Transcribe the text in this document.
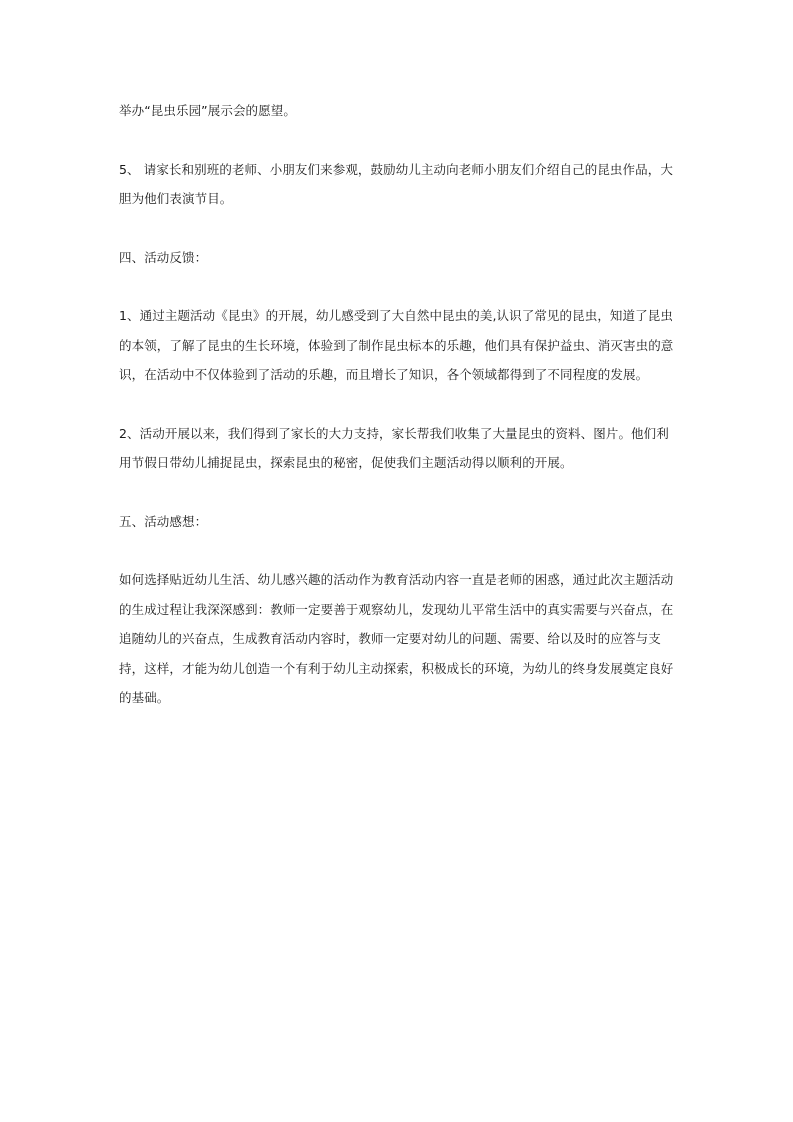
举办“昆虫乐园”展示会的愿望。

5、 请家长和别班的老师、小朋友们来参观，鼓励幼儿主动向老师小朋友们介绍自己的昆虫作品，大胆为他们表演节目。

四、活动反馈：

1、通过主题活动《昆虫》的开展，幼儿感受到了大自然中昆虫的美,认识了常见的昆虫，知道了昆虫的本领，了解了昆虫的生长环境，体验到了制作昆虫标本的乐趣，他们具有保护益虫、消灭害虫的意识，在活动中不仅体验到了活动的乐趣，而且增长了知识，各个领域都得到了不同程度的发展。

2、活动开展以来，我们得到了家长的大力支持，家长帮我们收集了大量昆虫的资料、图片。他们利用节假日带幼儿捕捉昆虫，探索昆虫的秘密，促使我们主题活动得以顺利的开展。

五、活动感想：

如何选择贴近幼儿生活、幼儿感兴趣的活动作为教育活动内容一直是老师的困惑，通过此次主题活动的生成过程让我深深感到：教师一定要善于观察幼儿，发现幼儿平常生活中的真实需要与兴奋点，在追随幼儿的兴奋点，生成教育活动内容时，教师一定要对幼儿的问题、需要、给以及时的应答与支持，这样，才能为幼儿创造一个有利于幼儿主动探索，积极成长的环境，为幼儿的终身发展奠定良好的基础。
